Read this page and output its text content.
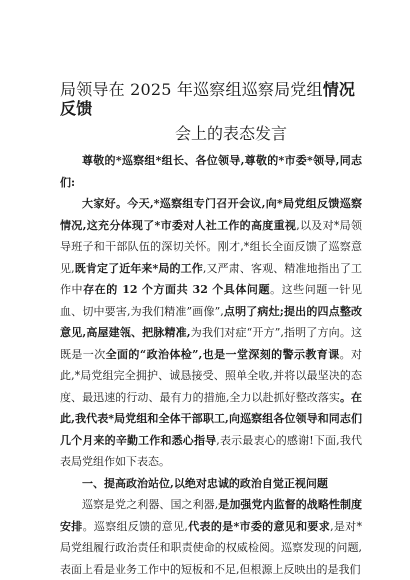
局领导在 2025 年巡察组巡察局党组情况反馈
会上的表态发言

尊敬的*巡察组*组长、各位领导,尊敬的*市委*领导,同志们:

大家好。今天,*巡察组专门召开会议,向*局党组反馈巡察情况,这充分体现了*市委对人社工作的高度重视,以及对*局领导班子和干部队伍的深切关怀。刚才,*组长全面反馈了巡察意见,既肯定了近年来*局的工作,又严肃、客观、精准地指出了工作中存在的 12 个方面共 32 个具体问题。这些问题一针见血、切中要害,为我们精准”画像”,点明了病灶;提出的四点整改意见,高屋建瓴、把脉精准,为我们对症“开方”,指明了方向。这既是一次全面的“政治体检”,也是一堂深刻的警示教育课。对此,*局党组完全拥护、诚恳接受、照单全收,并将以最坚决的态度、最迅速的行动、最有力的措施,全力以赴抓好整改落实。在此,我代表*局党组和全体干部职工,向巡察组各位领导和同志们几个月来的辛勤工作和悉心指导,表示最衷心的感谢!下面,我代表局党组作如下表态。

一、提高政治站位,以绝对忠诚的政治自觉正视问题

巡察是党之利器、国之利器,是加强党内监督的战略性制度安排。巡察组反馈的意见,代表的是*市委的意见和要求,是对*局党组履行政治责任和职责使命的权威检阅。巡察发现的问题,表面上看是业务工作中的短板和不足,但根源上反映出的是我们
